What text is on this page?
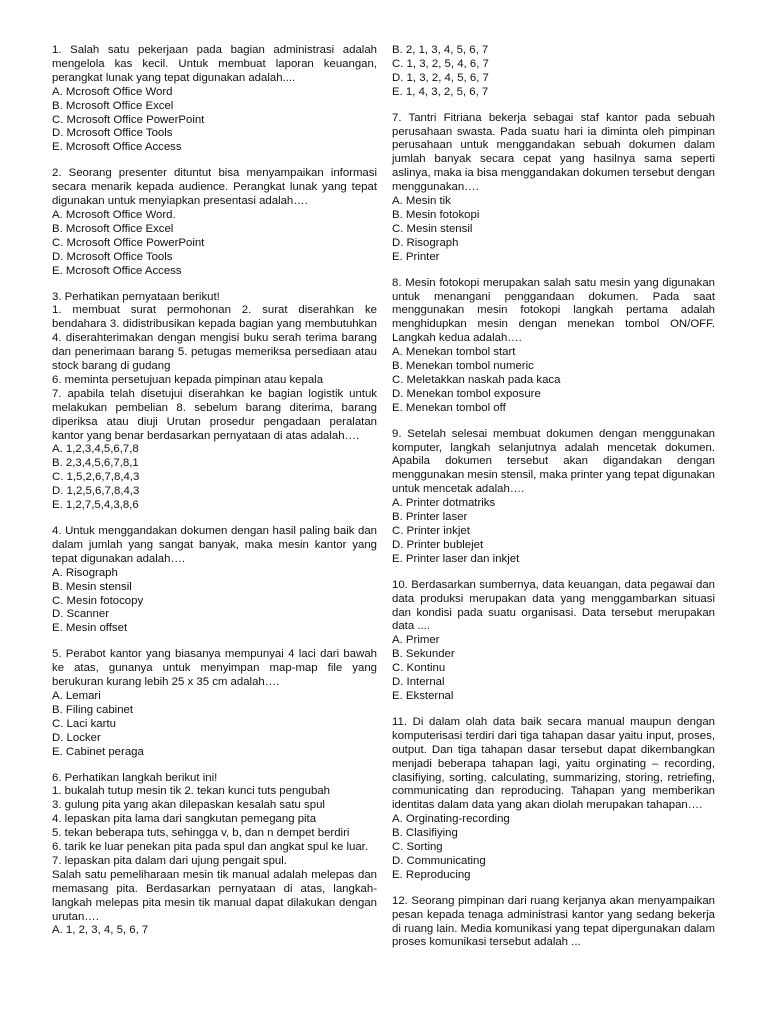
1. Salah satu pekerjaan pada bagian administrasi adalah mengelola kas kecil. Untuk membuat laporan keuangan, perangkat lunak yang tepat digunakan adalah....
A. Mcrosoft Office Word
B. Mcrosoft Office Excel
C. Mcrosoft Office PowerPoint
D. Mcrosoft Office Tools
E. Mcrosoft Office Access
2. Seorang presenter dituntut bisa menyampaikan informasi secara menarik kepada audience. Perangkat lunak yang tepat digunakan untuk menyiapkan presentasi adalah….
A. Mcrosoft Office Word.
B. Mcrosoft Office Excel
C. Mcrosoft Office PowerPoint
D. Mcrosoft Office Tools
E. Mcrosoft Office Access
3. Perhatikan pernyataan berikut!
1. membuat surat permohonan 2. surat diserahkan ke bendahara 3. didistribusikan kepada bagian yang membutuhkan 4. diserahterimakan dengan mengisi buku serah terima barang dan penerimaan barang 5. petugas memeriksa persediaan atau stock barang di gudang
6. meminta persetujuan kepada pimpinan atau kepala
7. apabila telah disetujui diserahkan ke bagian logistik untuk melakukan pembelian 8. sebelum barang diterima, barang diperiksa atau diuji Urutan prosedur pengadaan peralatan kantor yang benar berdasarkan pernyataan di atas adalah….
A. 1,2,3,4,5,6,7,8
B. 2,3,4,5,6,7,8,1
C. 1,5,2,6,7,8,4,3
D. 1,2,5,6,7,8,4,3
E. 1,2,7,5,4,3,8,6
4. Untuk menggandakan dokumen dengan hasil paling baik dan dalam jumlah yang sangat banyak, maka mesin kantor yang tepat digunakan adalah….
A. Risograph
B. Mesin stensil
C. Mesin fotocopy
D. Scanner
E. Mesin offset
5. Perabot kantor yang biasanya mempunyai 4 laci dari bawah ke atas, gunanya untuk menyimpan map-map file yang berukuran kurang lebih 25 x 35 cm adalah….
A. Lemari
B. Filing cabinet
C. Laci kartu
D. Locker
E. Cabinet peraga
6. Perhatikan langkah berikut ini!
1. bukalah tutup mesin tik 2. tekan kunci tuts pengubah
3. gulung pita yang akan dilepaskan kesalah satu spul
4. lepaskan pita lama dari sangkutan pemegang pita
5. tekan beberapa tuts, sehingga v, b, dan n dempet berdiri
6. tarik ke luar penekan pita pada spul dan angkat spul ke luar.
7. lepaskan pita dalam dari ujung pengait spul.
Salah satu pemeliharaan mesin tik manual adalah melepas dan memasang pita. Berdasarkan pernyataan di atas, langkah-langkah melepas pita mesin tik manual dapat dilakukan dengan urutan….
A. 1, 2, 3, 4, 5, 6, 7
B. 2, 1, 3, 4, 5, 6, 7
C. 1, 3, 2, 5, 4, 6, 7
D. 1, 3, 2, 4, 5, 6, 7
E. 1, 4, 3, 2, 5, 6, 7
7. Tantri Fitriana bekerja sebagai staf kantor pada sebuah perusahaan swasta. Pada suatu hari ia diminta oleh pimpinan perusahaan untuk menggandakan sebuah dokumen dalam jumlah banyak secara cepat yang hasilnya sama seperti aslinya, maka ia bisa menggandakan dokumen tersebut dengan menggunakan….
A. Mesin tik
B. Mesin fotokopi
C. Mesin stensil
D. Risograph
E. Printer
8. Mesin fotokopi merupakan salah satu mesin yang digunakan untuk menangani penggandaan dokumen. Pada saat menggunakan mesin fotokopi langkah pertama adalah menghidupkan mesin dengan menekan tombol ON/OFF. Langkah kedua adalah….
A. Menekan tombol start
B. Menekan tombol numeric
C. Meletakkan naskah pada kaca
D. Menekan tombol exposure
E. Menekan tombol off
9. Setelah selesai membuat dokumen dengan menggunakan komputer, langkah selanjutnya adalah mencetak dokumen. Apabila dokumen tersebut akan digandakan dengan menggunakan mesin stensil, maka printer yang tepat digunakan untuk mencetak adalah….
A. Printer dotmatriks
B. Printer laser
C. Printer inkjet
D. Printer bublejet
E. Printer laser dan inkjet
10. Berdasarkan sumbernya, data keuangan, data pegawai dan data produksi merupakan data yang menggambarkan situasi dan kondisi pada suatu organisasi. Data tersebut merupakan data ....
A. Primer
B. Sekunder
C. Kontinu
D. Internal
E. Eksternal
11. Di dalam olah data baik secara manual maupun dengan komputerisasi terdiri dari tiga tahapan dasar yaitu input, proses, output. Dan tiga tahapan dasar tersebut dapat dikembangkan menjadi beberapa tahapan lagi, yaitu orginating – recording, clasifiying, sorting, calculating, summarizing, storing, retriefing, communicating dan reproducing. Tahapan yang memberikan identitas dalam data yang akan diolah merupakan tahapan….
A. Orginating-recording
B. Clasifiying
C. Sorting
D. Communicating
E. Reproducing
12. Seorang pimpinan dari ruang kerjanya akan menyampaikan pesan kepada tenaga administrasi kantor yang sedang bekerja di ruang lain. Media komunikasi yang tepat dipergunakan dalam proses komunikasi tersebut adalah ...
